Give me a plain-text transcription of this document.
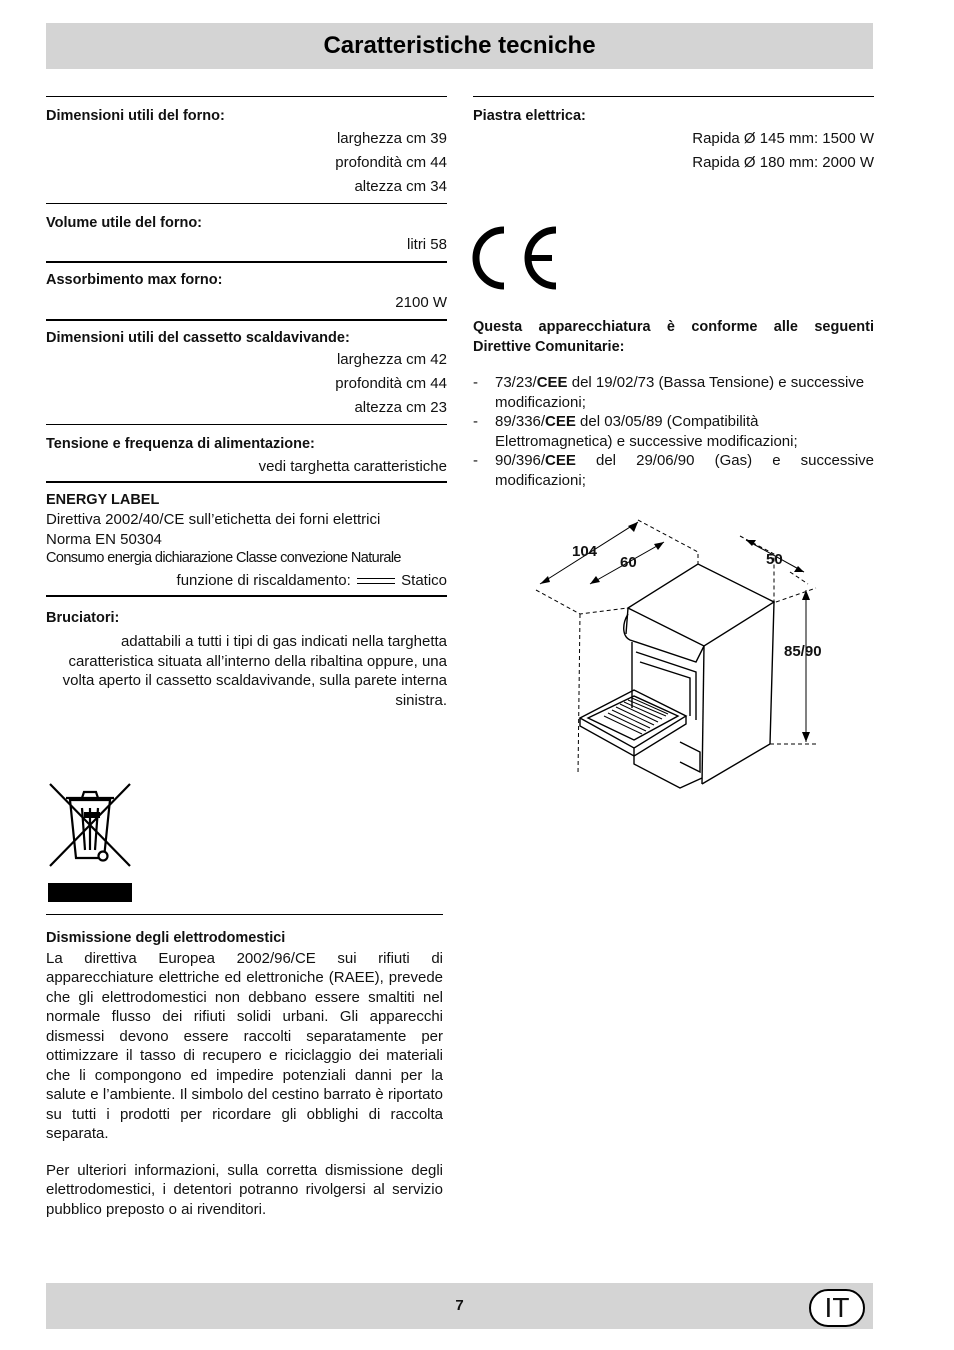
Caratteristiche tecniche
Dimensioni utili del forno:
larghezza cm 39
profondità cm 44
altezza cm 34
Volume utile del forno:
litri 58
Assorbimento max forno:
2100 W
Dimensioni utili del cassetto scaldavivande:
larghezza cm 42
profondità cm 44
altezza cm 23
Tensione e frequenza di alimentazione:
vedi targhetta caratteristiche
ENERGY LABEL
Direttiva 2002/40/CE sull’etichetta dei forni elettrici
Norma EN 50304
Consumo energia dichiarazione Classe convezione Naturale
funzione di riscaldamento:	Statico
Bruciatori:
adattabili a tutti i tipi di gas indicati nella targhetta caratteristica situata all’interno della ribaltina oppure, una volta aperto il cassetto scaldavivande, sulla parete interna sinistra.
Dismissione degli elettrodomestici
La direttiva Europea 2002/96/CE sui rifiuti di apparecchiature elettriche ed elettroniche (RAEE), prevede che gli elettrodomestici non debbano essere smaltiti nel normale flusso dei rifiuti solidi urbani. Gli apparecchi dismessi devono essere raccolti separatamente per ottimizzare il tasso di recupero e riciclaggio dei materiali che li compongono ed impedire potenziali danni per la salute e l’ambiente. Il simbolo del cestino barrato è riportato su tutti i prodotti per ricordare gli obblighi di raccolta separata.
Per ulteriori informazioni, sulla corretta dismissione degli elettrodomestici, i detentori potranno rivolgersi al servizio pubblico preposto o ai rivenditori.
Piastra elettrica:
Rapida Ø 145 mm: 1500 W
Rapida Ø 180 mm: 2000 W
Questa apparecchiatura è conforme alle seguenti Direttive Comunitarie:
- 73/23/CEE del 19/02/73 (Bassa Tensione) e successive modificazioni;
- 89/336/CEE del 03/05/89 (Compatibilità Elettromagnetica) e successive modificazioni;
- 90/396/CEE del 29/06/90 (Gas) e successive modificazioni;
104
60	50
85/90
7	IT
